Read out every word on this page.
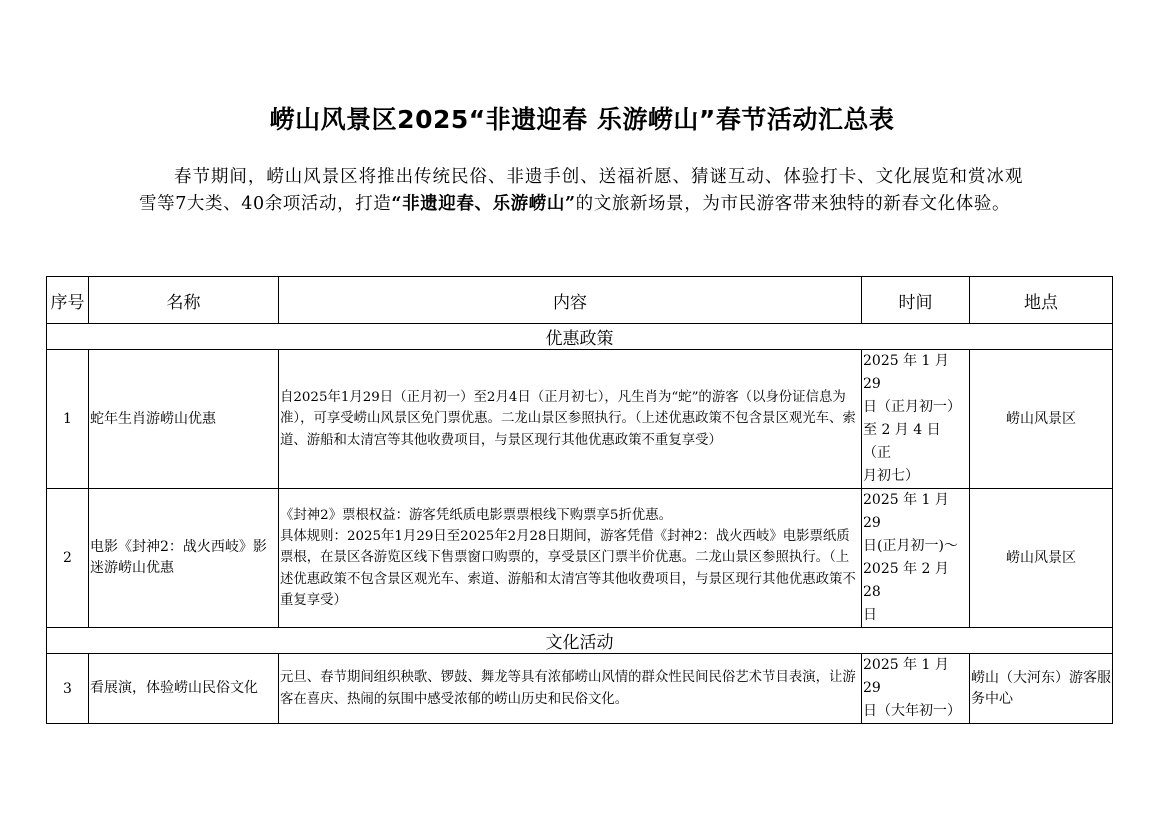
崂山风景区2025“非遗迎春 乐游崂山”春节活动汇总表

春节期间，崂山风景区将推出传统民俗、非遗手创、送福祈愿、猜谜互动、体验打卡、文化展览和赏冰观雪等7大类、40余项活动，打造“非遗迎春、乐游崂山”的文旅新场景，为市民游客带来独特的新春文化体验。

序号	名称	内容	时间	地点
优惠政策				
1	蛇年生肖游崂山优惠	自2025年1月29日（正月初一）至2月4日（正月初七），凡生肖为“蛇”的游客（以身份证信息为准），可享受崂山风景区免门票优惠。二龙山景区参照执行。（上述优惠政策不包含景区观光车、索道、游船和太清宫等其他收费项目，与景区现行其他优惠政策不重复享受）	2025 年 1 月 29
日（正月初一）
至 2 月 4 日（正
月初七）	崂山风景区
2	电影《封神2：战火西岐》影迷游崂山优惠	《封神2》票根权益：游客凭纸质电影票票根线下购票享5折优惠。
具体规则：2025年1月29日至2025年2月28日期间，游客凭借《封神2：战火西岐》电影票纸质票根，在景区各游览区线下售票窗口购票的，享受景区门票半价优惠。二龙山景区参照执行。（上述优惠政策不包含景区观光车、索道、游船和太清宫等其他收费项目，与景区现行其他优惠政策不重复享受）	2025 年 1 月 29
日(正月初一)～
2025 年 2 月 28
日	崂山风景区
文化活动				
3	看展演，体验崂山民俗文化	元旦、春节期间组织秧歌、锣鼓、舞龙等具有浓郁崂山风情的群众性民间民俗艺术节目表演，让游客在喜庆、热闹的氛围中感受浓郁的崂山历史和民俗文化。	2025 年 1 月 29
日（大年初一）	崂山（大河东）游客服务中心
